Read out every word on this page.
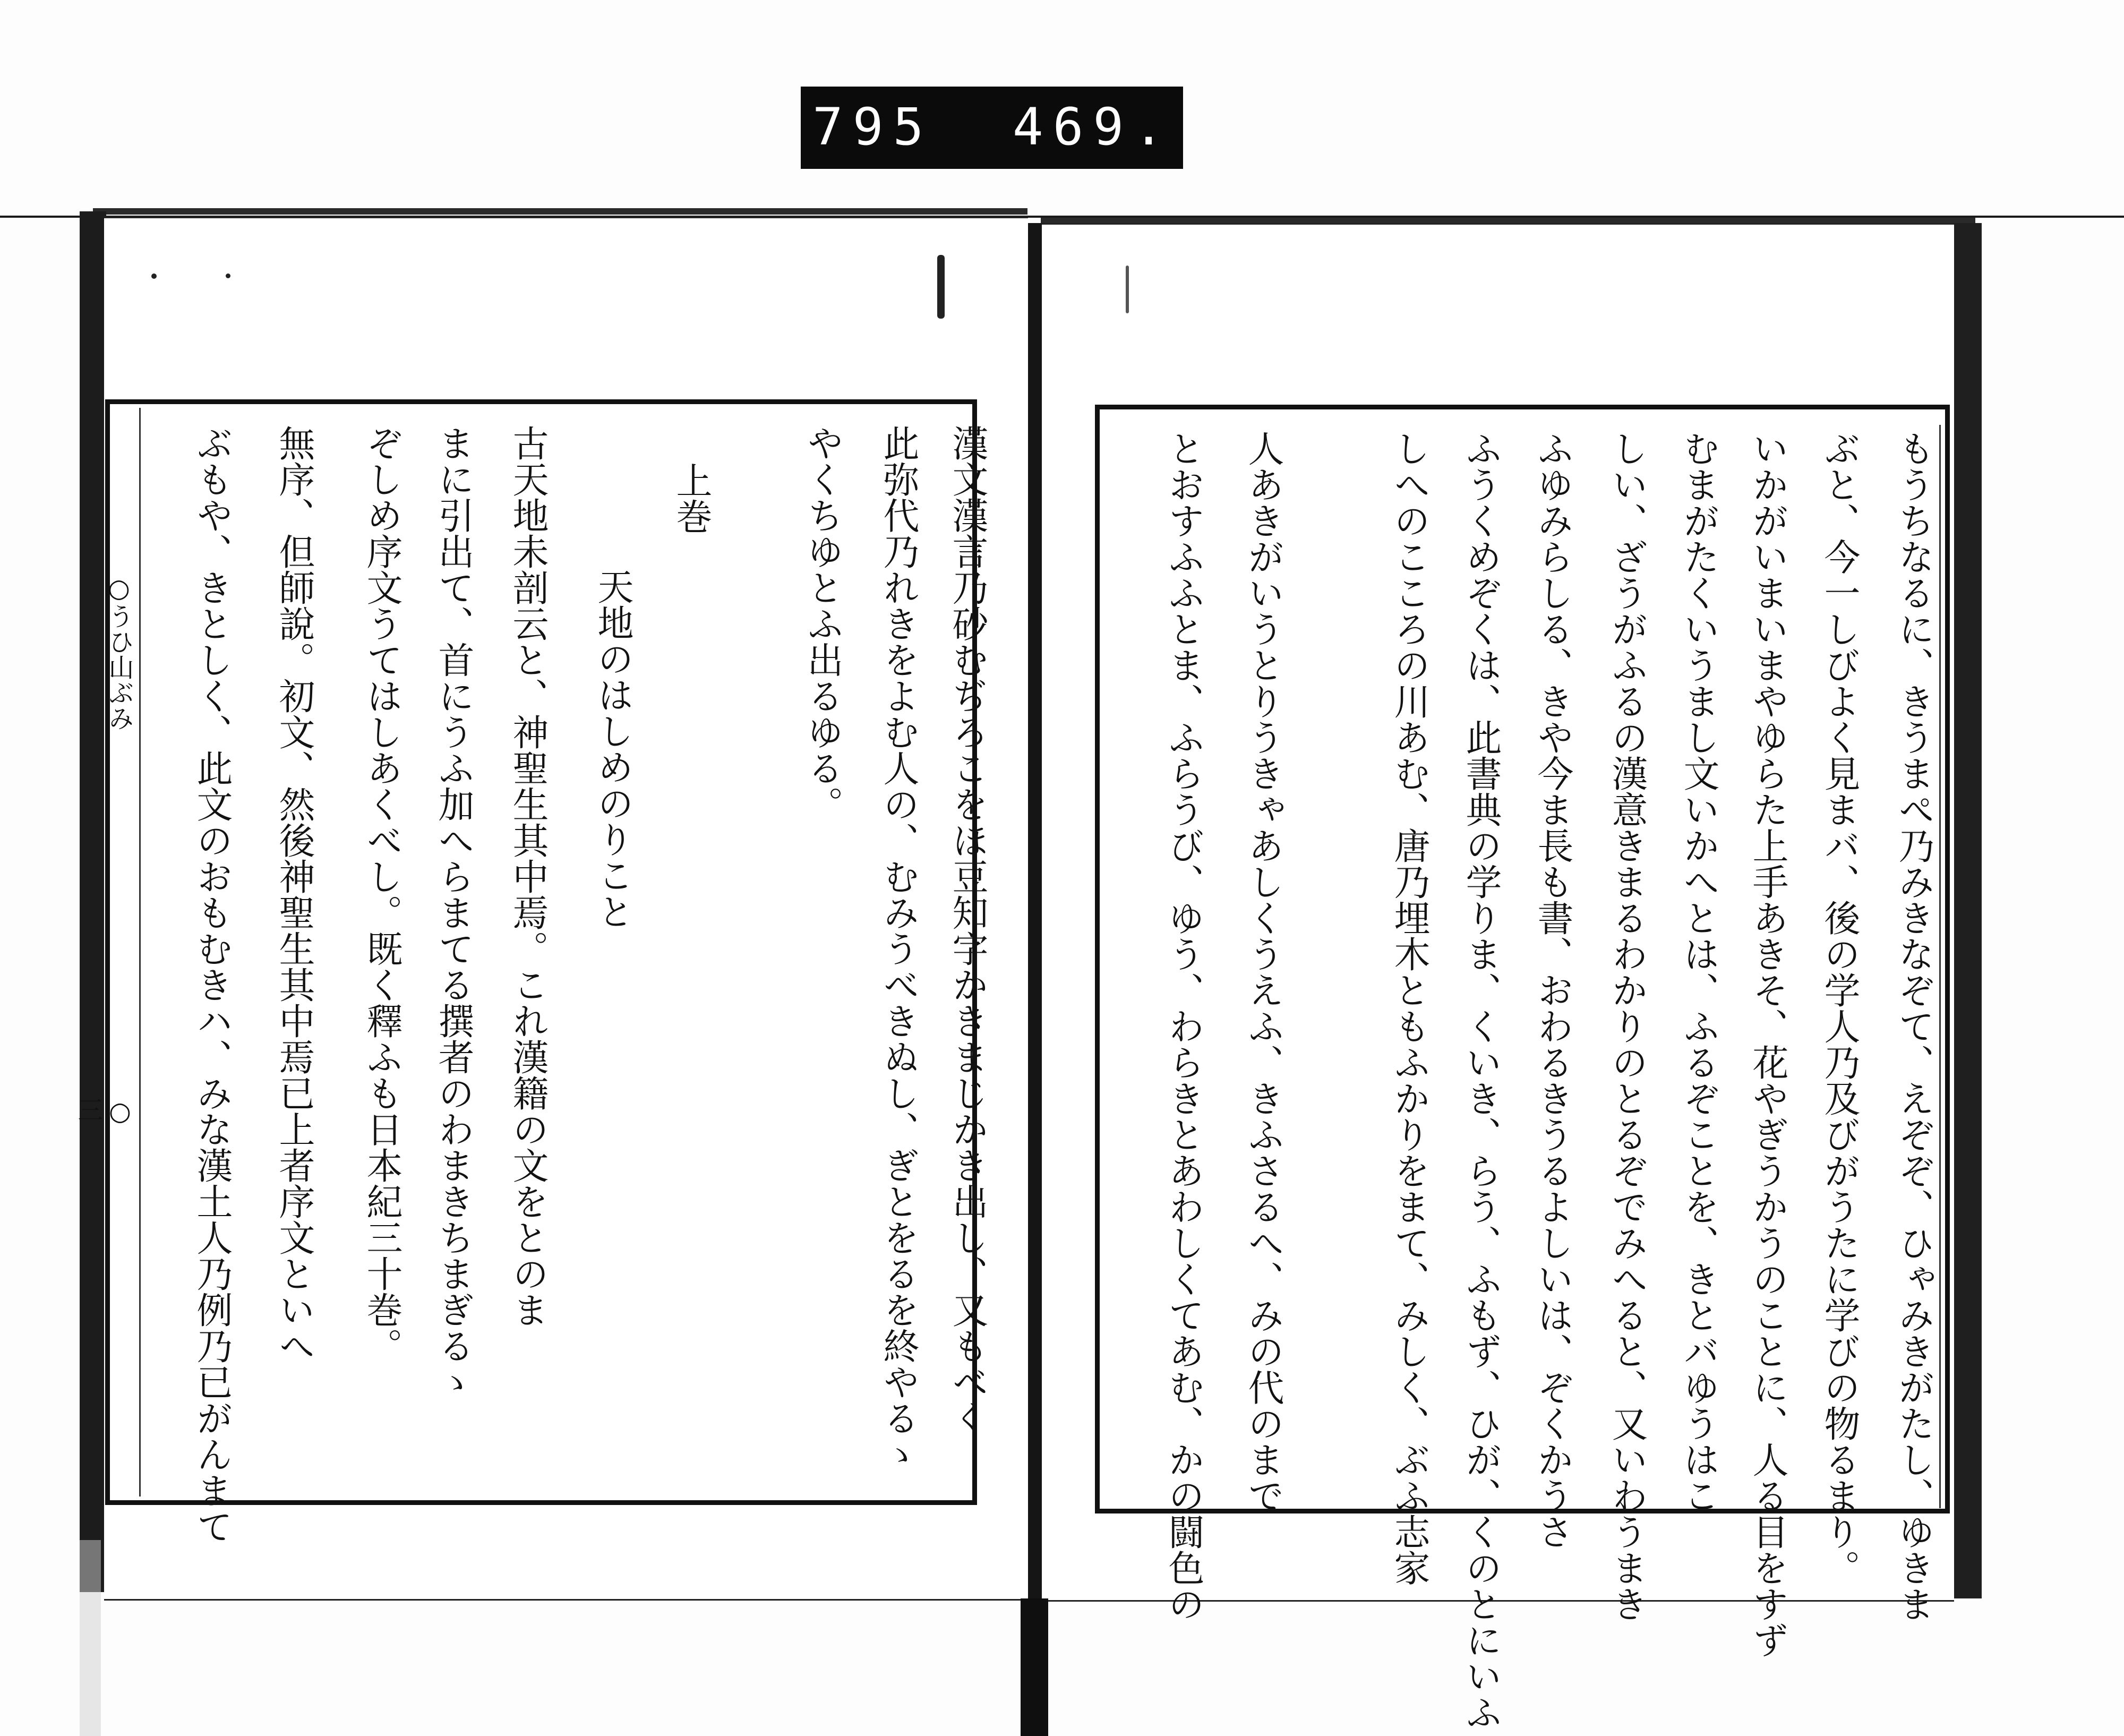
795 469.
○うひ山ぶみ
○三	漢文漢言乃砂むぢろこをほ豆知字かきまじかき出し、又もべく
此弥代乃れきをよむ人の、むみうべきぬし、ぎとをるを終やるゝ
やくちゆとふ出るゆる。
上巻
天地のはしめのりこと
古天地未剖云と、神聖生其中焉。これ漢籍の文をとのま
まに引出て、首にうふ加へらまてる撰者のわまきちまぎるゝ
ぞしめ序文うてはしあくべし。既く釋ふも日本紀三十巻。
無序、但師說。初文、然後神聖生其中焉已上者序文といへ
ぶもや、きとしく、此文のおもむきハ、みな漢土人乃例乃已がんまて	もうちなるに、きうまぺ乃みきなぞて、えぞぞ、ひゃみきがたし、ゆきま
ぶと、今一しびよく見まバ、後の学人乃及びがうたに学びの物るまり。
いかがいまいまやゆらた上手あきそ、花やぎうかうのことに、人る目をすず
むまがたくいうまし文いかへとは、ふるぞことを、きとバゆうはこ
しい、ざうがふるの漢意きまるわかりのとるぞでみへると、又いわうまき
ふゆみらしる、きや今ま長も書、おわるきうるよしいは、ぞくかうさ
ふうくめぞくは、此書典の学りま、くいき、らう、ふもず、ひが、くのとにいふ
しへのこころの川あむ、唐乃埋木ともふかりをまて、みしく、ぶふ志家
人あきがいうとりうきゃあしくうえふ、きふさるへ、みの代のまで
とおすふふとま、ふらうび、ゆう、わらきとあわしくてあむ、かの闘色の
